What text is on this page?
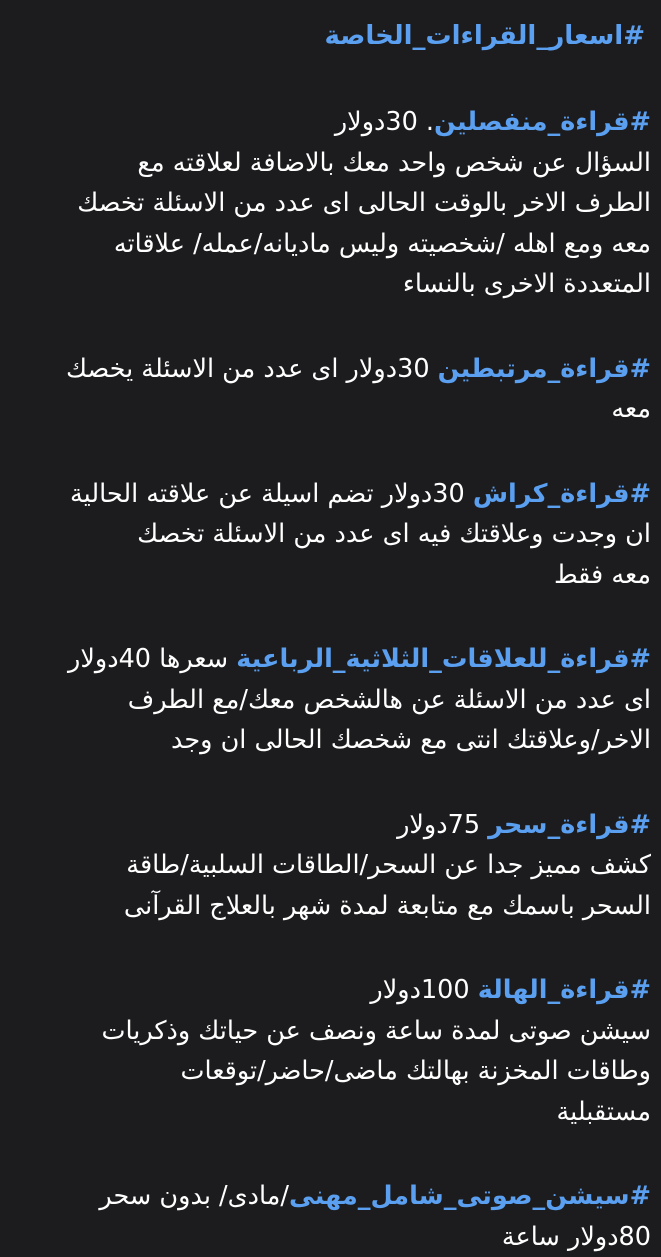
#اسعار_القراءات_الخاصة
#قراءة_منفصلين. 30دولار
السؤال عن شخص واحد معك بالاضافة لعلاقته مع
الطرف الاخر بالوقت الحالى اى عدد من الاسئلة تخصك
معه ومع اهله /شخصيته وليس ماديانه/عمله/ علاقاته
المتعددة الاخرى بالنساء
#قراءة_مرتبطين 30دولار اى عدد من الاسئلة يخصك
معه
#قراءة_كراش 30دولار تضم اسيلة عن علاقته الحالية
ان وجدت وعلاقتك فيه اى عدد من الاسئلة تخصك
معه فقط
#قراءة_للعلاقات_الثلاثية_الرباعية سعرها 40دولار
اى عدد من الاسئلة عن هالشخص معك/مع الطرف
الاخر/وعلاقتك انتى مع شخصك الحالى ان وجد
#قراءة_سحر 75دولار
كشف مميز جدا عن السحر/الطاقات السلبية/طاقة
السحر باسمك مع متابعة لمدة شهر بالعلاج القرآنى
#قراءة_الهالة 100دولار
سيشن صوتى لمدة ساعة ونصف عن حياتك وذكريات
وطاقات المخزنة بهالتك ماضى/حاضر/توقعات
مستقبلية
#سيشن_صوتى_شامل_مهنى/مادى/ بدون سحر
80دولار ساعة
